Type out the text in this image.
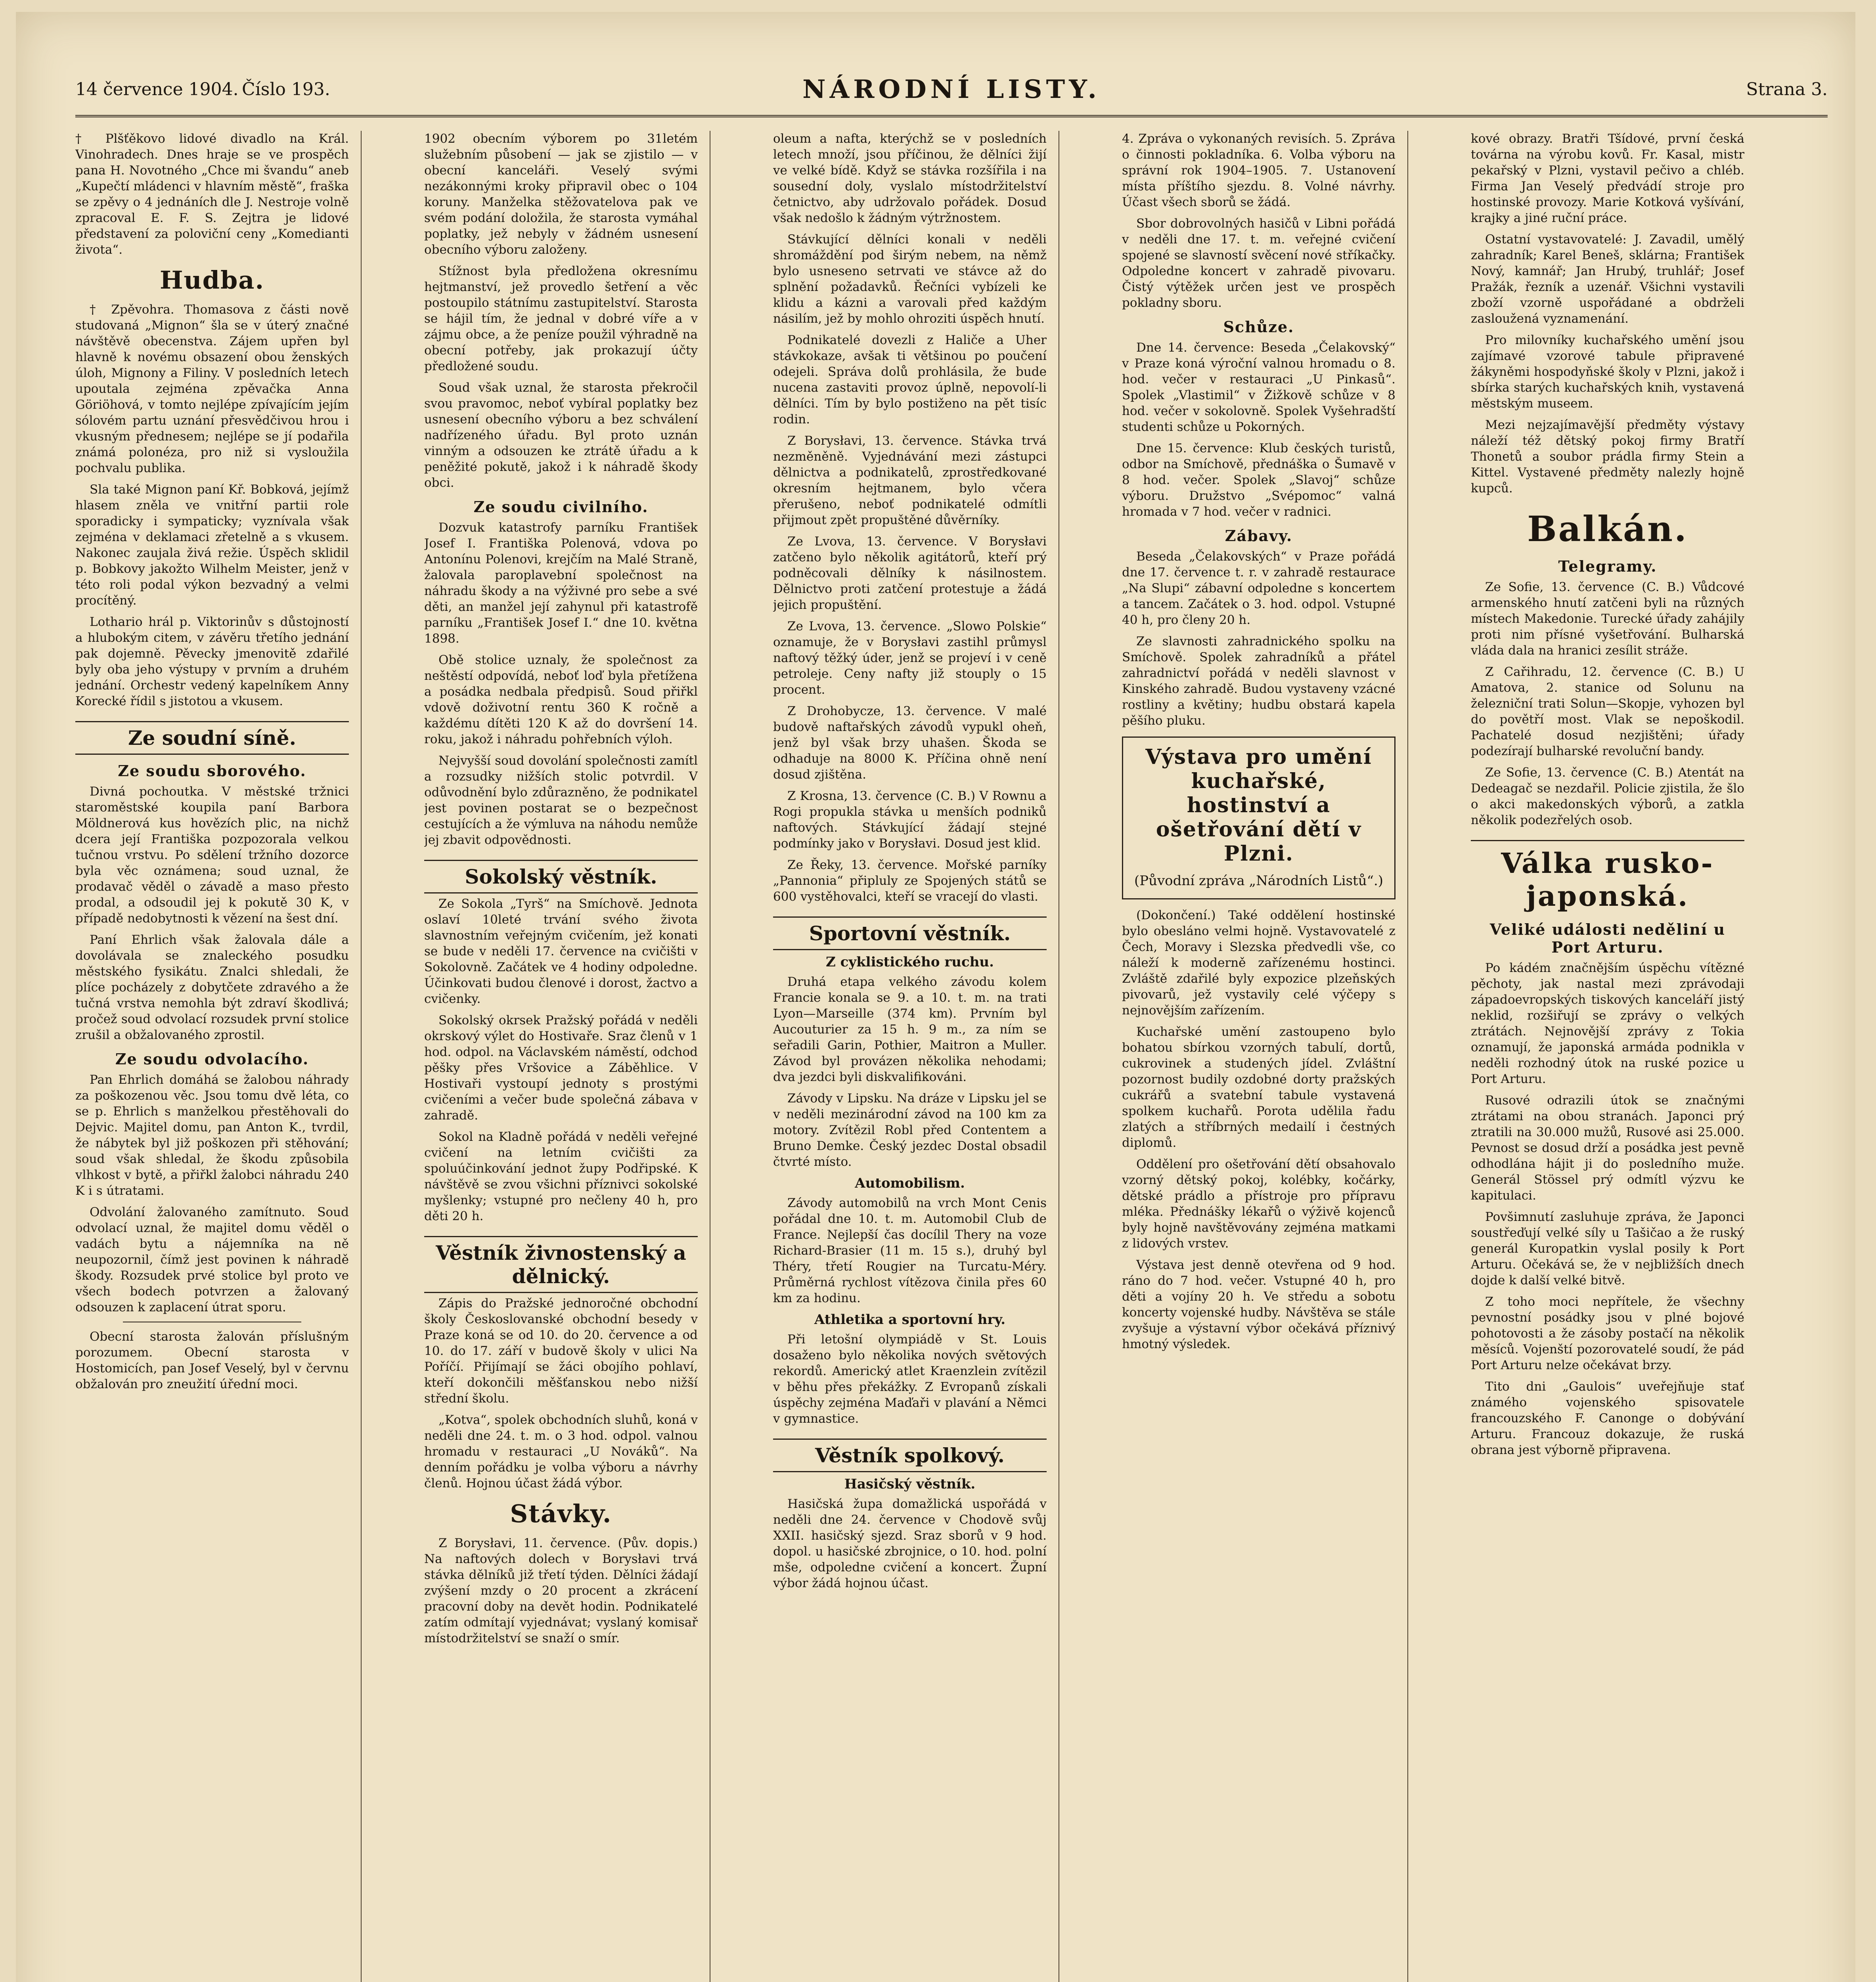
14 července 1904. Číslo 193.	NÁRODNÍ LISTY.	Strana 3.

† Plšťěkovo lidové divadlo na Král. Vinohradech. Dnes hraje se ve prospěch pana H. Novotného „Chce mi švandu“ aneb „Kupečtí mládenci v hlavním městě“, fraška se zpěvy o 4 jednáních dle J. Nestroje volně zpracoval E. F. S. Zejtra je lidové představení za poloviční ceny „Komedianti života“.

Hudba.

† Zpěvohra. Thomasova z části nově studovaná „Mignon“ šla se v úterý značné návštěvě obecenstva. Zájem upřen byl hlavně k novému obsazení obou ženských úloh, Mignony a Filiny. V posledních letech upoutala zejména zpěvačka Anna Göriöhová, v tomto nejlépe zpívajícím jejím sólovém partu uznání přesvědčivou hrou i vkusným přednesem; nejlépe se jí podařila známá polonéza, pro niž si vysloužila pochvalu publika.

Sla také Mignon paní Kř. Bobková, jejímž hlasem zněla ve vnitřní partii role sporadicky i sympaticky; vyznívala však zejména v deklamaci zřetelně a s vkusem. Nakonec zaujala živá režie. Úspěch sklidil p. Bobkovy jakožto Wilhelm Meister, jenž v této roli podal výkon bezvadný a velmi procítěný.

Lothario hrál p. Viktorinův s důstojností a hlubokým citem, v závěru třetího jednání pak dojemně. Pěvecky jmenovitě zdařilé byly oba jeho výstupy v prvním a druhém jednání. Orchestr vedený kapelníkem Anny Korecké řídil s jistotou a vkusem.

Ze soudní síně.
Ze soudu sborového.

Divná pochoutka. V městské tržnici staroměstské koupila paní Barbora Möldnerová kus hovězích plic, na nichž dcera její Františka pozpozorala velkou tučnou vrstvu. Po sdělení tržního dozorce byla věc oznámena; soud uznal, že prodavač věděl o závadě a maso přesto prodal, a odsoudil jej k pokutě 30 K, v případě nedobytnosti k vězení na šest dní.

Paní Ehrlich však žalovala dále a dovolávala se znaleckého posudku městského fysikátu. Znalci shledali, že plíce pocházely z dobytčete zdravého a že tučná vrstva nemohla být zdraví škodlivá; pročež soud odvolací rozsudek první stolice zrušil a obžalovaného zprostil.

Ze soudu odvolacího.

Pan Ehrlich domáhá se žalobou náhrady za poškozenou věc. Jsou tomu dvě léta, co se p. Ehrlich s manželkou přestěhovali do Dejvic. Majitel domu, pan Anton K., tvrdil, že nábytek byl již poškozen při stěhování; soud však shledal, že škodu způsobila vlhkost v bytě, a přiřkl žalobci náhradu 240 K i s útratami.

Odvolání žalovaného zamítnuto. Soud odvolací uznal, že majitel domu věděl o vadách bytu a nájemníka na ně neupozornil, čímž jest povinen k náhradě škody. Rozsudek prvé stolice byl proto ve všech bodech potvrzen a žalovaný odsouzen k zaplacení útrat sporu.

Obecní starosta žalován příslušným porozumem. Obecní starosta v Hostomicích, pan Josef Veselý, byl v červnu obžalován pro zneužití úřední moci.

1902 obecním výborem po 31letém služebním působení — jak se zjistilo — v obecní kanceláři. Veselý svými nezákonnými kroky připravil obec o 104 koruny. Manželka stěžovatelova pak ve svém podání doložila, že starosta vymáhal poplatky, jež nebyly v žádném usnesení obecního výboru založeny.

Stížnost byla předložena okresnímu hejtmanství, jež provedlo šetření a věc postoupilo státnímu zastupitelství. Starosta se hájil tím, že jednal v dobré víře a v zájmu obce, a že peníze použil výhradně na obecní potřeby, jak prokazují účty předložené soudu.

Soud však uznal, že starosta překročil svou pravomoc, neboť vybíral poplatky bez usnesení obecního výboru a bez schválení nadřízeného úřadu. Byl proto uznán vinným a odsouzen ke ztrátě úřadu a k peněžité pokutě, jakož i k náhradě škody obci.

Ze soudu civilního.

Dozvuk katastrofy parníku František Josef I. Františka Polenová, vdova po Antonínu Polenovi, krejčím na Malé Straně, žalovala paroplavební společnost na náhradu škody a na výživné pro sebe a své děti, an manžel její zahynul při katastrofě parníku „František Josef I.“ dne 10. května 1898.

Obě stolice uznaly, že společnost za neštěstí odpovídá, neboť loď byla přetížena a posádka nedbala předpisů. Soud přiřkl vdově doživotní rentu 360 K ročně a každému dítěti 120 K až do dovršení 14. roku, jakož i náhradu pohřebních výloh.

Nejvyšší soud dovolání společnosti zamítl a rozsudky nižších stolic potvrdil. V odůvodnění bylo zdůrazněno, že podnikatel jest povinen postarat se o bezpečnost cestujících a že výmluva na náhodu nemůže jej zbavit odpovědnosti.

Sokolský věstník.

Ze Sokola „Tyrš“ na Smíchově. Jednota oslaví 10leté trvání svého života slavnostním veřejným cvičením, jež konati se bude v neděli 17. července na cvičišti v Sokolovně. Začátek ve 4 hodiny odpoledne. Účinkovati budou členové i dorost, žactvo a cvičenky.

Sokolský okrsek Pražský pořádá v neděli okrskový výlet do Hostivaře. Sraz členů v 1 hod. odpol. na Václavském náměstí, odchod pěšky přes Vršovice a Záběhlice. V Hostivaři vystoupí jednoty s prostými cvičeními a večer bude společná zábava v zahradě.

Sokol na Kladně pořádá v neděli veřejné cvičení na letním cvičišti za spoluúčinkování jednot župy Podřipské. K návštěvě se zvou všichni příznivci sokolské myšlenky; vstupné pro nečleny 40 h, pro děti 20 h.

Věstník živnostenský a dělnický.

Zápis do Pražské jednoročné obchodní školy Českoslovanské obchodní besedy v Praze koná se od 10. do 20. července a od 10. do 17. září v budově školy v ulici Na Poříčí. Přijímají se žáci obojího pohlaví, kteří dokončili měšťanskou nebo nižší střední školu.

„Kotva“, spolek obchodních sluhů, koná v neděli dne 24. t. m. o 3 hod. odpol. valnou hromadu v restauraci „U Nováků“. Na denním pořádku je volba výboru a návrhy členů. Hojnou účast žádá výbor.

Stávky.

Z Borysłavi, 11. července. (Pův. dopis.) Na naftových dolech v Borysłavi trvá stávka dělníků již třetí týden. Dělníci žádají zvýšení mzdy o 20 procent a zkrácení pracovní doby na devět hodin. Podnikatelé zatím odmítají vyjednávat; vyslaný komisař místodržitelství se snaží o smír.

oleum a nafta, kterýchž se v posledních letech množí, jsou příčinou, že dělníci žijí ve velké bídě. Když se stávka rozšířila i na sousední doly, vyslalo místodržitelství četnictvo, aby udržovalo pořádek. Dosud však nedošlo k žádným výtržnostem.

Stávkující dělníci konali v neděli shromáždění pod širým nebem, na němž bylo usneseno setrvati ve stávce až do splnění požadavků. Řečníci vybízeli ke klidu a kázni a varovali před každým násilím, jež by mohlo ohroziti úspěch hnutí.

Podnikatelé dovezli z Haliče a Uher stávkokaze, avšak ti většinou po poučení odejeli. Správa dolů prohlásila, že bude nucena zastaviti provoz úplně, nepovolí-li dělníci. Tím by bylo postiženo na pět tisíc rodin.

Z Borysłavi, 13. července. Stávka trvá nezměněně. Vyjednávání mezi zástupci dělnictva a podnikatelů, zprostředkované okresním hejtmanem, bylo včera přerušeno, neboť podnikatelé odmítli přijmout zpět propuštěné důvěrníky.

Ze Lvova, 13. července. V Borysłavi zatčeno bylo několik agitátorů, kteří prý podněcovali dělníky k násilnostem. Dělnictvo proti zatčení protestuje a žádá jejich propuštění.

Ze Lvova, 13. července. „Slowo Polskie“ oznamuje, že v Borysłavi zastihl průmysl naftový těžký úder, jenž se projeví i v ceně petroleje. Ceny nafty již stouply o 15 procent.

Z Drohobycze, 13. července. V malé budově naftařských závodů vypukl oheň, jenž byl však brzy uhašen. Škoda se odhaduje na 8000 K. Příčina ohně není dosud zjištěna.

Z Krosna, 13. července (C. B.) V Rownu a Rogi propukla stávka u menších podniků naftových. Stávkující žádají stejné podmínky jako v Borysłavi. Dosud jest klid.

Ze Řeky, 13. července. Mořské parníky „Pannonia“ připluly ze Spojených států se 600 vystěhovalci, kteří se vracejí do vlasti.

Sportovní věstník.
Z cyklistického ruchu.

Druhá etapa velkého závodu kolem Francie konala se 9. a 10. t. m. na trati Lyon—Marseille (374 km). Prvním byl Aucouturier za 15 h. 9 m., za ním se seřadili Garin, Pothier, Maitron a Muller. Závod byl provázen několika nehodami; dva jezdci byli diskvalifikováni.

Závody v Lipsku. Na dráze v Lipsku jel se v neděli mezinárodní závod na 100 km za motory. Zvítězil Robl před Contentem a Bruno Demke. Český jezdec Dostal obsadil čtvrté místo.

Automobilism.

Závody automobilů na vrch Mont Cenis pořádal dne 10. t. m. Automobil Club de France. Nejlepší čas docílil Thery na voze Richard-Brasier (11 m. 15 s.), druhý byl Théry, třetí Rougier na Turcatu-Méry. Průměrná rychlost vítězova činila přes 60 km za hodinu.

Athletika a sportovní hry.

Při letošní olympiádě v St. Louis dosaženo bylo několika nových světových rekordů. Americký atlet Kraenzlein zvítězil v běhu přes překážky. Z Evropanů získali úspěchy zejména Maďaři v plavání a Němci v gymnastice.

Věstník spolkový.
Hasičský věstník.

Hasičská župa domažlická uspořádá v neděli dne 24. července v Chodově svůj XXII. hasičský sjezd. Sraz sborů v 9 hod. dopol. u hasičské zbrojnice, o 10. hod. polní mše, odpoledne cvičení a koncert. Župní výbor žádá hojnou účast.

4. Zpráva o vykonaných revisích. 5. Zpráva o činnosti pokladníka. 6. Volba výboru na správní rok 1904–1905. 7. Ustanovení místa příštího sjezdu. 8. Volné návrhy. Účast všech sborů se žádá.

Sbor dobrovolných hasičů v Libni pořádá v neděli dne 17. t. m. veřejné cvičení spojené se slavností svěcení nové stříkačky. Odpoledne koncert v zahradě pivovaru. Čistý výtěžek určen jest ve prospěch pokladny sboru.

Schůze.

Dne 14. července: Beseda „Čelakovský“ v Praze koná výroční valnou hromadu o 8. hod. večer v restauraci „U Pinkasů“. Spolek „Vlastimil“ v Žižkově schůze v 8 hod. večer v sokolovně. Spolek Vyšehradští studenti schůze u Pokorných.

Dne 15. července: Klub českých turistů, odbor na Smíchově, přednáška o Šumavě v 8 hod. večer. Spolek „Slavoj“ schůze výboru. Družstvo „Svépomoc“ valná hromada v 7 hod. večer v radnici.

Zábavy.

Beseda „Čelakovských“ v Praze pořádá dne 17. července t. r. v zahradě restaurace „Na Slupi“ zábavní odpoledne s koncertem a tancem. Začátek o 3. hod. odpol. Vstupné 40 h, pro členy 20 h.

Ze slavnosti zahradnického spolku na Smíchově. Spolek zahradníků a přátel zahradnictví pořádá v neděli slavnost v Kinského zahradě. Budou vystaveny vzácné rostliny a květiny; hudbu obstará kapela pěšího pluku.

Výstava pro umění kuchařské, hostinství a ošetřování dětí v Plzni.
(Původní zpráva „Národních Listů“.)

(Dokončení.) Také oddělení hostinské bylo obesláno velmi hojně. Vystavovatelé z Čech, Moravy i Slezska předvedli vše, co náleží k moderně zařízenému hostinci. Zvláště zdařilé byly expozice plzeňských pivovarů, jež vystavily celé výčepy s nejnovějším zařízením.

Kuchařské umění zastoupeno bylo bohatou sbírkou vzorných tabulí, dortů, cukrovinek a studených jídel. Zvláštní pozornost budily ozdobné dorty pražských cukrářů a svatební tabule vystavená spolkem kuchařů. Porota udělila řadu zlatých a stříbrných medailí i čestných diplomů.

Oddělení pro ošetřování dětí obsahovalo vzorný dětský pokoj, kolébky, kočárky, dětské prádlo a přístroje pro přípravu mléka. Přednášky lékařů o výživě kojenců byly hojně navštěvovány zejména matkami z lidových vrstev.

Výstava jest denně otevřena od 9 hod. ráno do 7 hod. večer. Vstupné 40 h, pro děti a vojíny 20 h. Ve středu a sobotu koncerty vojenské hudby. Návštěva se stále zvyšuje a výstavní výbor očekává příznivý hmotný výsledek.

kové obrazy. Bratři Tšídové, první česká továrna na výrobu kovů. Fr. Kasal, mistr pekařský v Plzni, vystavil pečivo a chléb. Firma Jan Veselý předvádí stroje pro hostinské provozy. Marie Kotková vyšívání, krajky a jiné ruční práce.

Ostatní vystavovatelé: J. Zavadil, umělý zahradník; Karel Beneš, sklárna; František Nový, kamnář; Jan Hrubý, truhlář; Josef Pražák, řezník a uzenář. Všichni vystavili zboží vzorně uspořádané a obdrželi zasloužená vyznamenání.

Pro milovníky kuchařského umění jsou zajímavé vzorové tabule připravené žákyněmi hospodyňské školy v Plzni, jakož i sbírka starých kuchařských knih, vystavená městským museem.

Mezi nejzajímavější předměty výstavy náleží též dětský pokoj firmy Bratří Thonetů a soubor prádla firmy Stein a Kittel. Vystavené předměty nalezly hojně kupců.

Balkán.
Telegramy.

Ze Sofie, 13. července (C. B.) Vůdcové armenského hnutí zatčeni byli na různých místech Makedonie. Turecké úřady zahájily proti nim přísné vyšetřování. Bulharská vláda dala na hranici zesílit stráže.

Z Cařihradu, 12. července (C. B.) U Amatova, 2. stanice od Solunu na železniční trati Solun—Skopje, vyhozen byl do povětří most. Vlak se nepoškodil. Pachatelé dosud nezjištěni; úřady podezírají bulharské revoluční bandy.

Ze Sofie, 13. července (C. B.) Atentát na Dedeagač se nezdařil. Policie zjistila, že šlo o akci makedonských výborů, a zatkla několik podezřelých osob.

Válka rusko-japonská.
Veliké události neděliní u Port Arturu.

Po kádém značnějším úspěchu vítězné pěchoty, jak nastal mezi zprávodaji západoevropských tiskových kanceláří jistý neklid, rozšiřují se zprávy o velkých ztrátách. Nejnovější zprávy z Tokia oznamují, že japonská armáda podnikla v neděli rozhodný útok na ruské pozice u Port Arturu.

Rusové odrazili útok se značnými ztrátami na obou stranách. Japonci prý ztratili na 30.000 mužů, Rusové asi 25.000. Pevnost se dosud drží a posádka jest pevně odhodlána hájit ji do posledního muže. Generál Stössel prý odmítl výzvu ke kapitulaci.

Povšimnutí zasluhuje zpráva, že Japonci soustřeďují velké síly u Tašičao a že ruský generál Kuropatkin vyslal posily k Port Arturu. Očekává se, že v nejbližších dnech dojde k další velké bitvě.

Z toho moci nepřítele, že všechny pevnostní posádky jsou v plné bojové pohotovosti a že zásoby postačí na několik měsíců. Vojenští pozorovatelé soudí, že pád Port Arturu nelze očekávat brzy.

Tito dni „Gaulois“ uveřejňuje stať známého vojenského spisovatele francouzského F. Canonge o dobývání Arturu. Francouz dokazuje, že ruská obrana jest výborně připravena.
